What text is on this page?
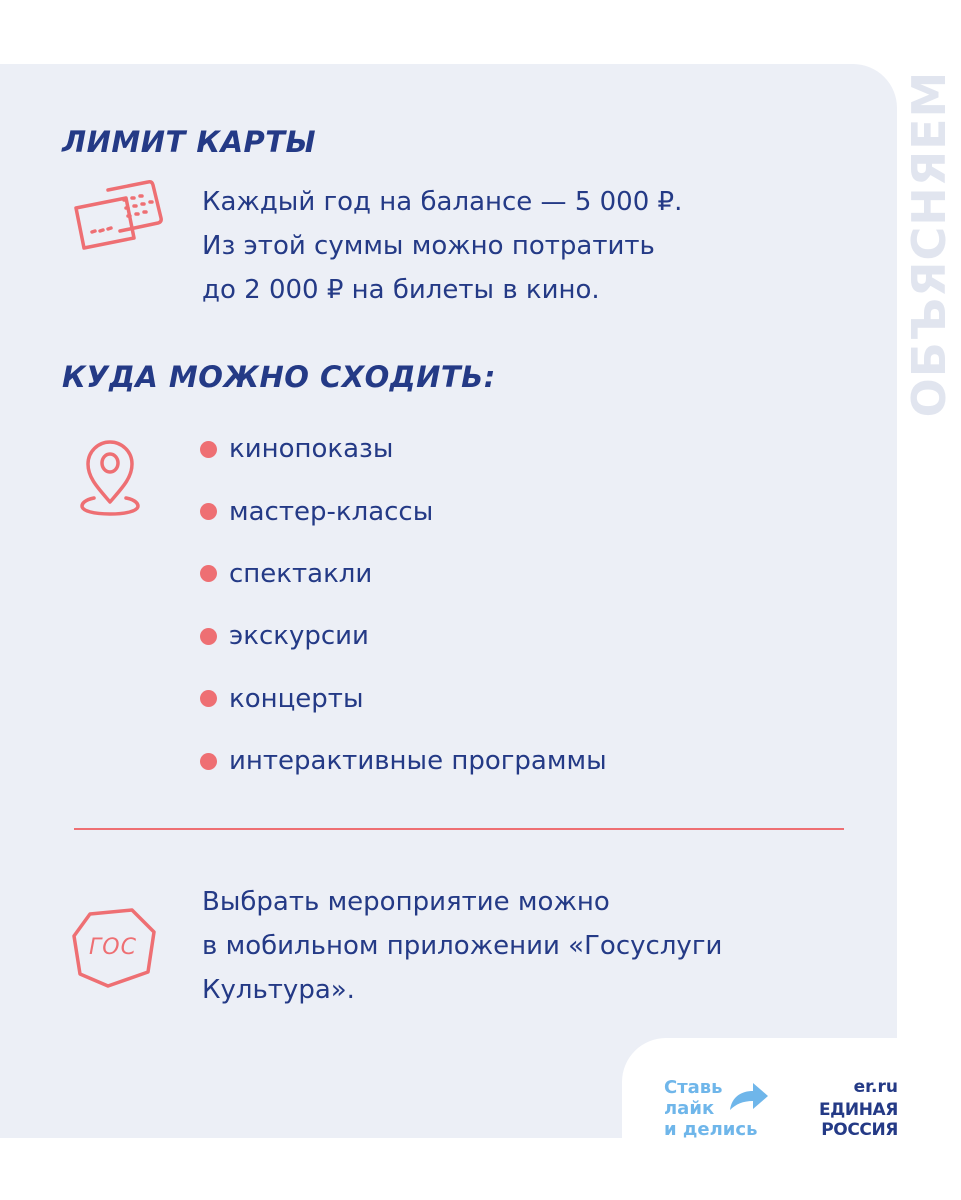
ОБЪЯСНЯЕМ
ЛИМИТ КАРТЫ
Каждый год на балансе — 5 000 ₽.
Из этой суммы можно потратить
до 2 000 ₽ на билеты в кино.
КУДА МОЖНО СХОДИТЬ:
кинопоказы
мастер-классы
спектакли
экскурсии
концерты
интерактивные программы
ГОС
Выбрать мероприятие можно
в мобильном приложении «Госуслуги
Культура».
Ставь
лайк
и делись
er.ru
ЕДИНАЯ
РОССИЯ
